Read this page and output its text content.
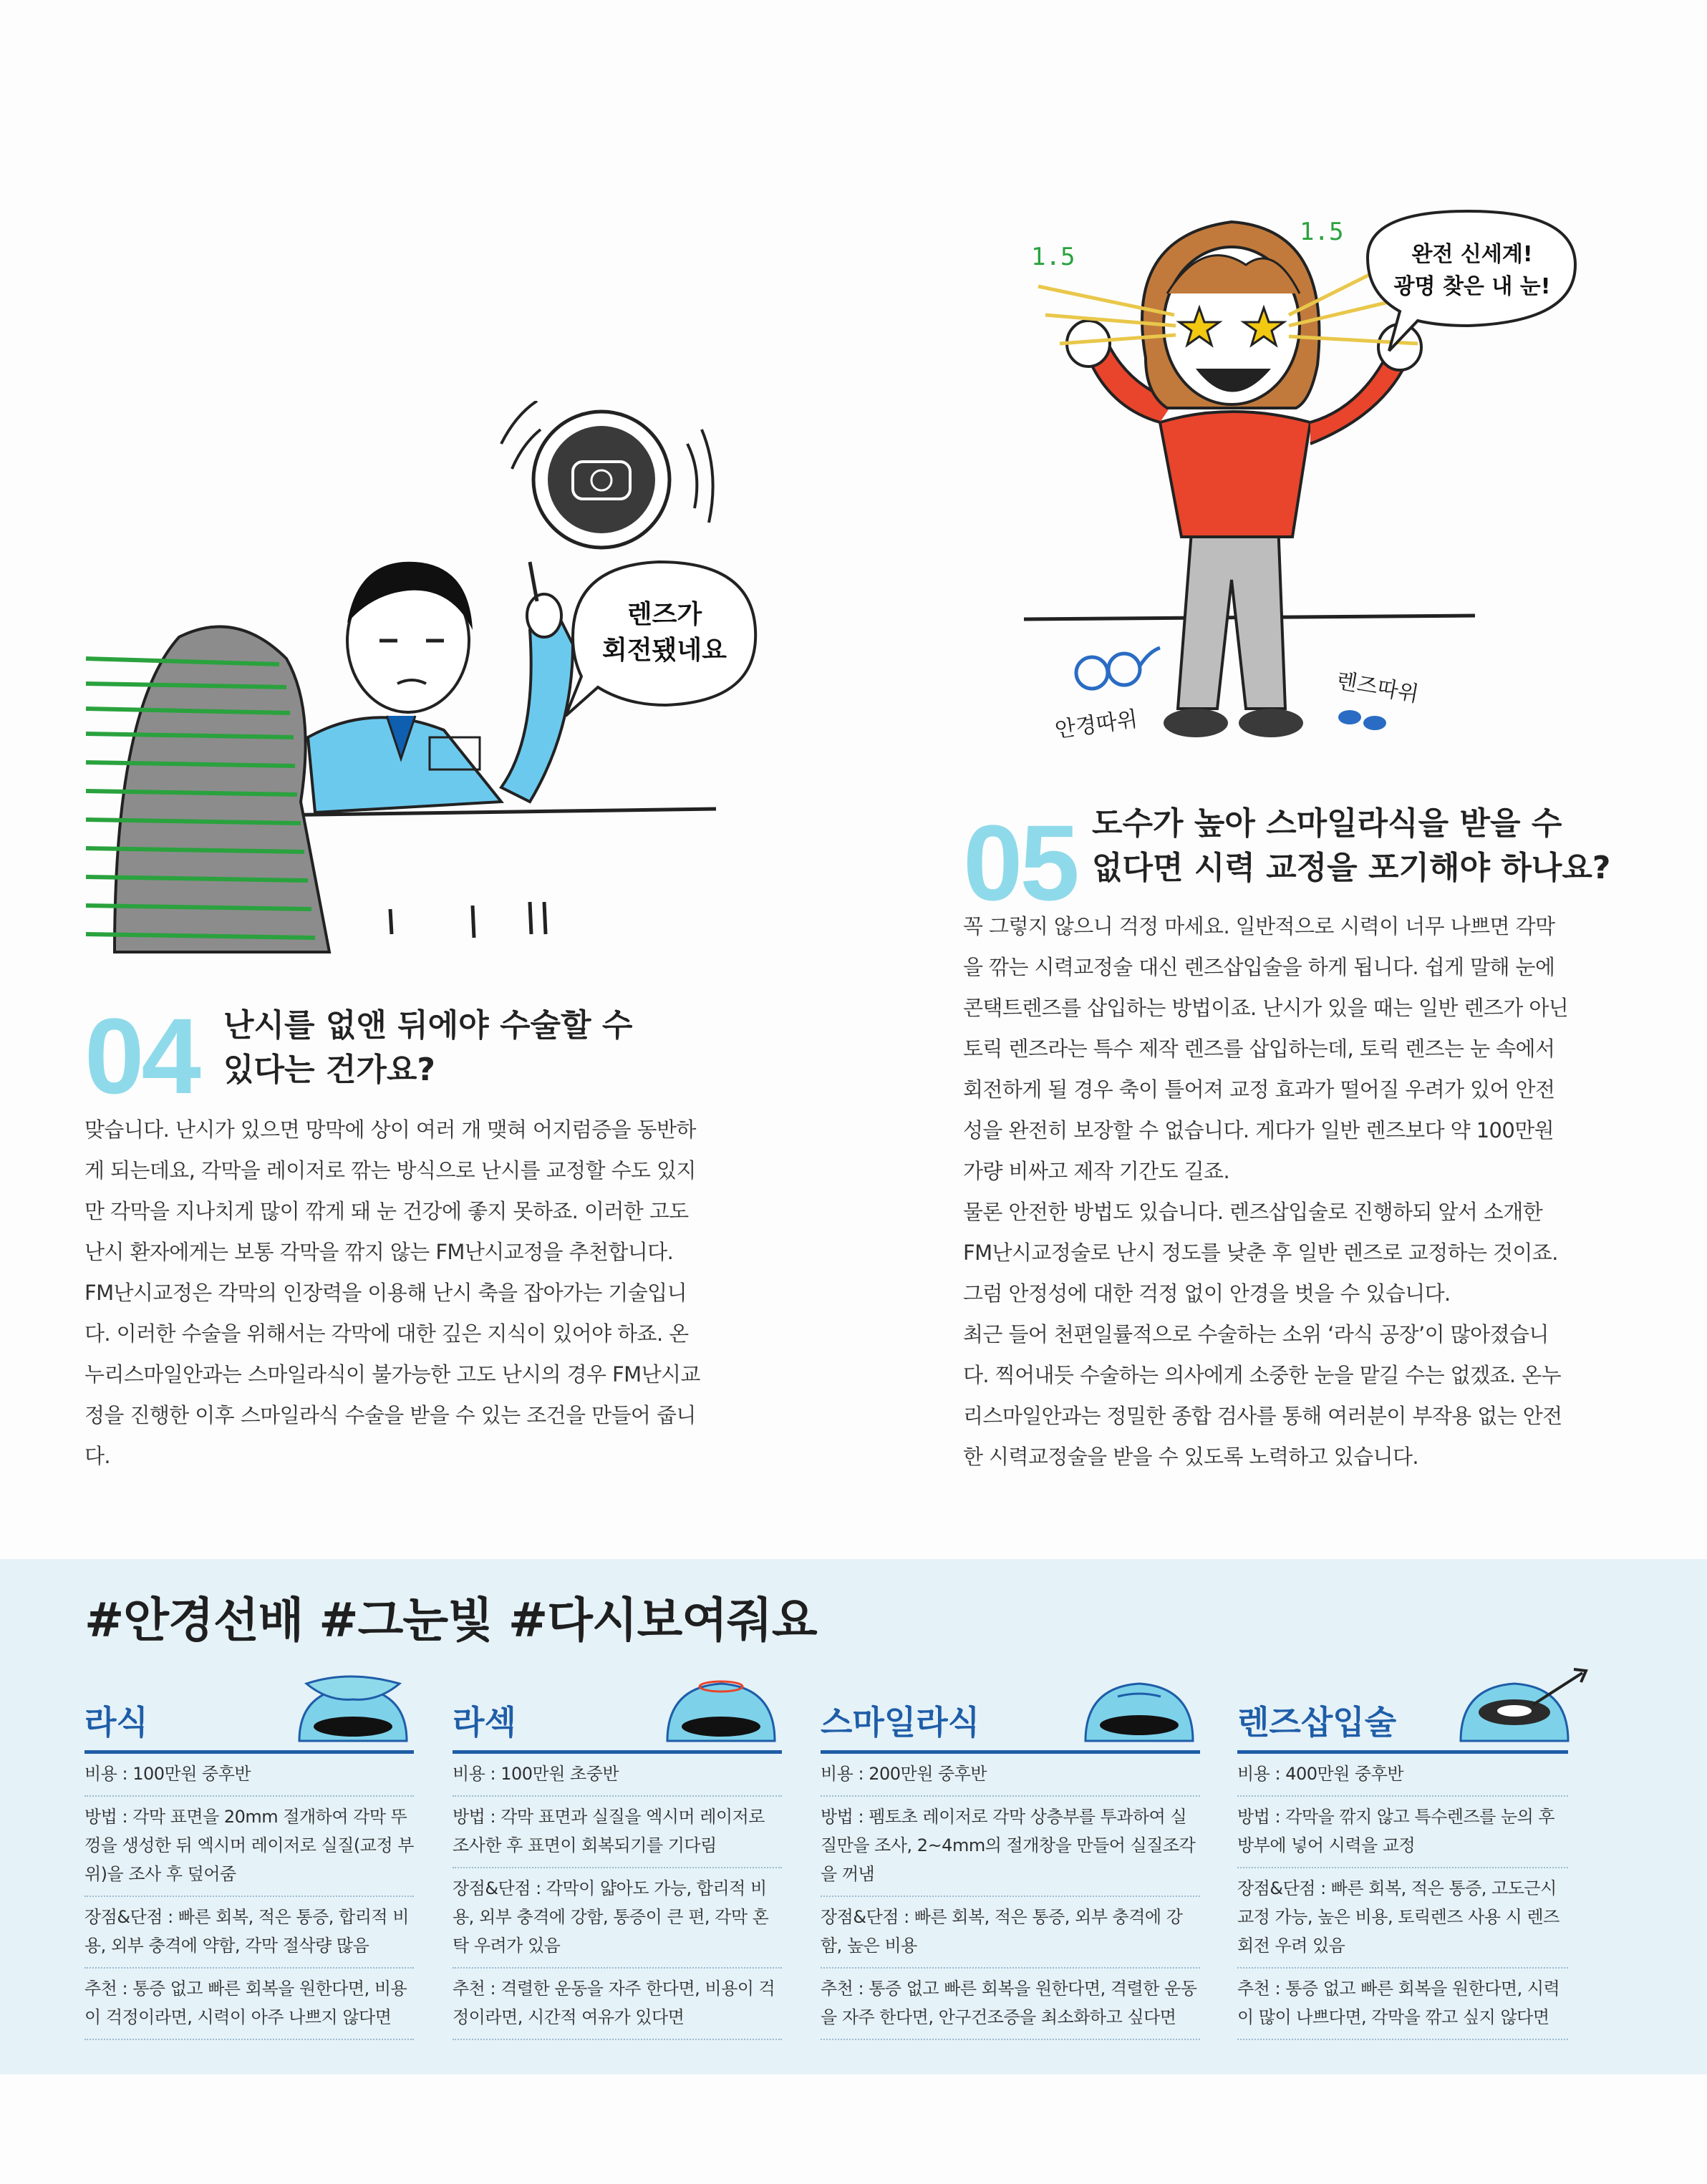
렌즈가
회전됐네요
1.5
1.5
완전 신세계!
광명 찾은 내 눈!
안경따위
렌즈따위
04 난시를 없앤 뒤에야 수술할 수
있다는 건가요?

맞습니다. 난시가 있으면 망막에 상이 여러 개 맺혀 어지럼증을 동반하게 되는데요, 각막을 레이저로 깎는 방식으로 난시를 교정할 수도 있지만 각막을 지나치게 많이 깎게 돼 눈 건강에 좋지 못하죠. 이러한 고도 난시 환자에게는 보통 각막을 깎지 않는 FM난시교정을 추천합니다. FM난시교정은 각막의 인장력을 이용해 난시 축을 잡아가는 기술입니다. 이러한 수술을 위해서는 각막에 대한 깊은 지식이 있어야 하죠. 온누리스마일안과는 스마일라식이 불가능한 고도 난시의 경우 FM난시교정을 진행한 이후 스마일라식 수술을 받을 수 있는 조건을 만들어 줍니다.

05 도수가 높아 스마일라식을 받을 수
없다면 시력 교정을 포기해야 하나요?

꼭 그렇지 않으니 걱정 마세요. 일반적으로 시력이 너무 나쁘면 각막을 깎는 시력교정술 대신 렌즈삽입술을 하게 됩니다. 쉽게 말해 눈에 콘택트렌즈를 삽입하는 방법이죠. 난시가 있을 때는 일반 렌즈가 아닌 토릭 렌즈라는 특수 제작 렌즈를 삽입하는데, 토릭 렌즈는 눈 속에서 회전하게 될 경우 축이 틀어져 교정 효과가 떨어질 우려가 있어 안전성을 완전히 보장할 수 없습니다. 게다가 일반 렌즈보다 약 100만원 가량 비싸고 제작 기간도 길죠.

물론 안전한 방법도 있습니다. 렌즈삽입술로 진행하되 앞서 소개한 FM난시교정술로 난시 정도를 낮춘 후 일반 렌즈로 교정하는 것이죠. 그럼 안정성에 대한 걱정 없이 안경을 벗을 수 있습니다.

최근 들어 천편일률적으로 수술하는 소위 ‘라식 공장’이 많아졌습니다. 찍어내듯 수술하는 의사에게 소중한 눈을 맡길 수는 없겠죠. 온누리스마일안과는 정밀한 종합 검사를 통해 여러분이 부작용 없는 안전한 시력교정술을 받을 수 있도록 노력하고 있습니다.

#안경선배 #그눈빛 #다시보여줘요
라식
비용 : 100만원 중후반
방법 : 각막 표면을 20mm 절개하여 각막 뚜껑을 생성한 뒤 엑시머 레이저로 실질(교정 부위)을 조사 후 덮어줌
장점&단점 : 빠른 회복, 적은 통증, 합리적 비용, 외부 충격에 약함, 각막 절삭량 많음
추천 : 통증 없고 빠른 회복을 원한다면, 비용이 걱정이라면, 시력이 아주 나쁘지 않다면
라섹
비용 : 100만원 초중반
방법 : 각막 표면과 실질을 엑시머 레이저로 조사한 후 표면이 회복되기를 기다림
장점&단점 : 각막이 얇아도 가능, 합리적 비용, 외부 충격에 강함, 통증이 큰 편, 각막 혼탁 우려가 있음
추천 : 격렬한 운동을 자주 한다면, 비용이 걱정이라면, 시간적 여유가 있다면
스마일라식
비용 : 200만원 중후반
방법 : 펨토초 레이저로 각막 상층부를 투과하여 실질만을 조사, 2~4mm의 절개창을 만들어 실질조각을 꺼냄
장점&단점 : 빠른 회복, 적은 통증, 외부 충격에 강함, 높은 비용
추천 : 통증 없고 빠른 회복을 원한다면, 격렬한 운동을 자주 한다면, 안구건조증을 최소화하고 싶다면
렌즈삽입술
비용 : 400만원 중후반
방법 : 각막을 깎지 않고 특수렌즈를 눈의 후방부에 넣어 시력을 교정
장점&단점 : 빠른 회복, 적은 통증, 고도근시 교정 가능, 높은 비용, 토릭렌즈 사용 시 렌즈 회전 우려 있음
추천 : 통증 없고 빠른 회복을 원한다면, 시력이 많이 나쁘다면, 각막을 깎고 싶지 않다면
